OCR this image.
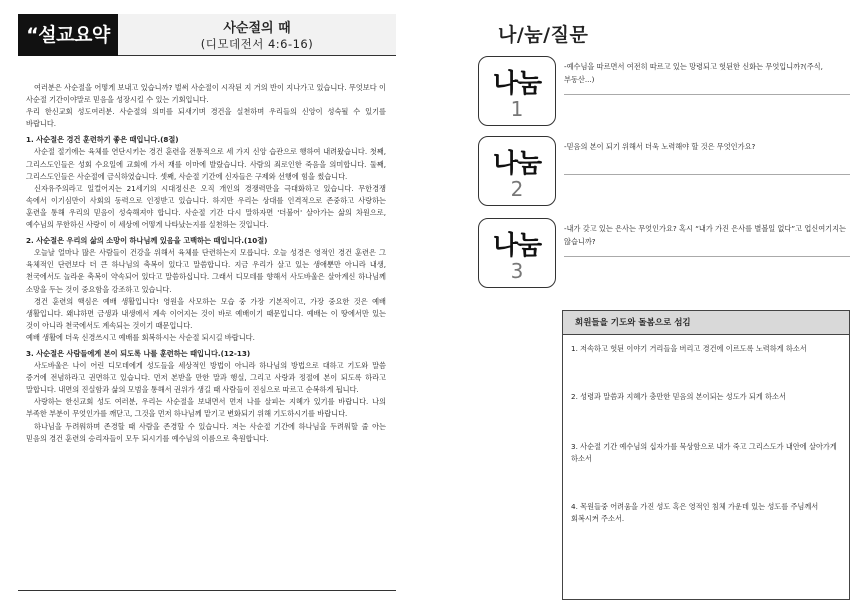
“설교요약	사순절의 때
(디모데전서 4:6-16)

여러분은 사순절을 어떻게 보내고 있습니까? 벌써 사순절이 시작된 지 거의 반이 지나가고 있습니다. 무엇보다 이 사순절 기간이야말로 믿음을 성장시킬 수 있는 기회입니다.

우리 한신교회 성도여러분. 사순절의 의미를 되새기며 경건을 실천하며 우리들의 신앙이 성숙될 수 있기를 바랍니다.

1. 사순절은 경건 훈련하기 좋은 때입니다.(8절)

사순절 절기에는 육체를 연단시키는 경건 훈련을 전통적으로 세 가지 신앙 습관으로 행하여 내려왔습니다. 첫째, 그리스도인들은 성회 수요일에 교회에 가서 재를 이마에 발랐습니다. 사람의 죄로인한 죽음을 의미합니다. 둘째, 그리스도인들은 사순절에 금식하였습니다. 셋째, 사순절 기간에 신자들은 구제와 선행에 힘을 썼습니다.

신자유주의라고 일컬어지는 21세기의 시대정신은 오직 개인의 경쟁력만을 극대화하고 있습니다. 무한경쟁 속에서 이기심만이 사회의 동력으로 인정받고 있습니다. 하지만 우리는 상대를 인격적으로 존중하고 사랑하는 훈련을 통해 우리의 믿음이 성숙해져야 합니다. 사순절 기간 다시 말하자면 '더불어' 살아가는 삶의 차원으로, 예수님의 무한하신 사랑이 이 세상에 어떻게 나타났는지를 실천하는 것입니다.

2. 사순절은 우리의 삶의 소망이 하나님께 있음을 고백하는 때입니다.(10절)

오늘날 얼마나 많은 사람들이 건강을 위해서 육체를 단련하는지 모릅니다. 오늘 성경은 영적인 경건 훈련은 그 육체적인 단련보다 더 큰 하나님의 축복이 있다고 말씀합니다. 지금 우리가 살고 있는 생애뿐만 아니라 내생, 천국에서도 놀라운 축복이 약속되어 있다고 말씀하십니다. 그래서 디모데를 향해서 사도바울은 살아계신 하나님께 소망을 두는 것이 중요함을 강조하고 있습니다.

경건 훈련의 핵심은 예배 생활입니다! 영원을 사모하는 모습 중 가장 기본적이고, 가장 중요한 것은 예배 생활입니다. 왜냐하면 금생과 내생에서 계속 이어지는 것이 바로 예배이기 때문입니다. 예배는 이 땅에서만 있는 것이 아니라 천국에서도 계속되는 것이기 때문입니다.

예배 생활에 더욱 신경쓰시고 예배를 회복하시는 사순절 되시길 바랍니다.

3. 사순절은 사람들에게 본이 되도록 나를 훈련하는 때입니다.(12-13)

사도바울은 나이 어린 디모데에게 성도들을 세상적인 방법이 아니라 하나님의 방법으로 대하고 기도와 말씀 증거에 전념하라고 권면하고 있습니다. 먼저 본받을 만한 말과 행실, 그리고 사랑과 정절에 본이 되도록 하라고 말합니다. 내면의 진실함과 삶의 모범을 통해서 권위가 생길 때 사람들이 진심으로 따르고 순복하게 됩니다.

사랑하는 한신교회 성도 여러분, 우리는 사순절을 보내면서 먼저 나를 살피는 지혜가 있기를 바랍니다. 나의 부족한 부분이 무엇인가를 깨닫고, 그것을 먼저 하나님께 맡기고 변화되기 위해 기도하시기를 바랍니다.

하나님을 두려워하며 존경할 때 사람을 존경할 수 있습니다. 저는 사순절 기간에 하나님을 두려워할 줄 아는 믿음의 경건 훈련의 승리자들이 모두 되시기를 예수님의 이름으로 축원합니다.

나/눔/질문
나눔
1
-예수님을 따르면서 여전히 따르고 있는 망령되고 헛된한 신화는 무엇입니까?(주식, 부동산...)
나눔
2
-믿음의 본이 되기 위해서 더욱 노력해야 할 것은 무엇인가요?
나눔
3
-내가 갖고 있는 은사는 무엇인가요? 혹시 “내가 가진 은사를 별볼일 없다”고 업신여기지는 않습니까?
회원들을 기도와 돌봄으로 섬김
1. 저속하고 헛된 이야기 거리들을 버리고 경건에 이르도록 노력하게 하소서
2. 성령과 말씀과 지혜가 충만한 믿음의 본이되는 성도가 되게 하소서
3. 사순절 기간 예수님의 십자가를 묵상함으로 내가 죽고 그리스도가 내안에 살아가게 하소서
4. 목원들중 어려움을 가진 성도 혹은 영적인 침체 가운데 있는 성도를 주님께서 회복시켜 주소서.
